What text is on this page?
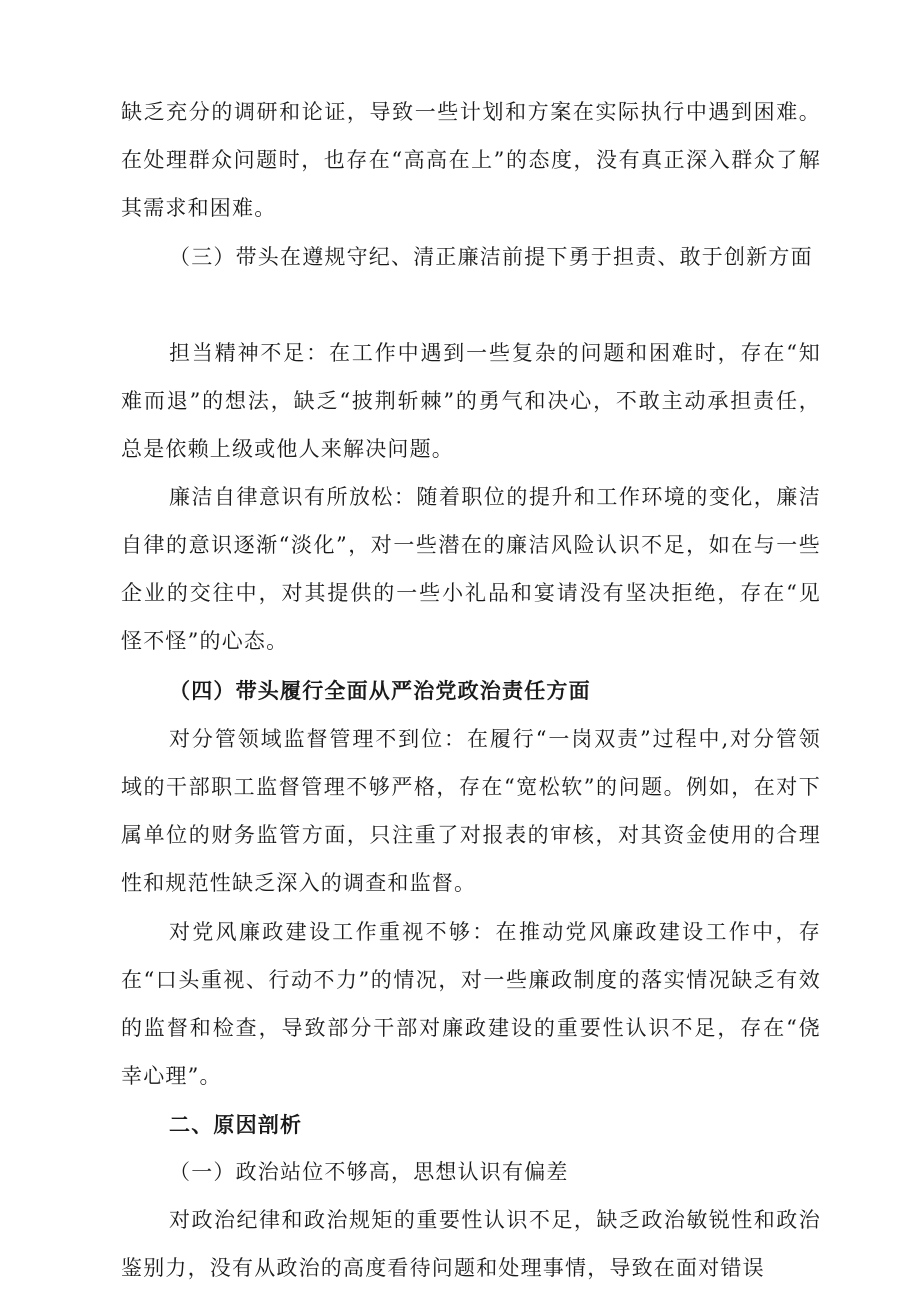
缺乏充分的调研和论证，导致一些计划和方案在实际执行中遇到困难。在处理群众问题时，也存在“高高在上”的态度，没有真正深入群众了解其需求和困难。

（三）带头在遵规守纪、清正廉洁前提下勇于担责、敢于创新方面

担当精神不足：在工作中遇到一些复杂的问题和困难时，存在“知难而退”的想法，缺乏“披荆斩棘”的勇气和决心，不敢主动承担责任，总是依赖上级或他人来解决问题。

廉洁自律意识有所放松：随着职位的提升和工作环境的变化，廉洁自律的意识逐渐“淡化”，对一些潜在的廉洁风险认识不足，如在与一些企业的交往中，对其提供的一些小礼品和宴请没有坚决拒绝，存在“见怪不怪”的心态。

（四）带头履行全面从严治党政治责任方面

对分管领域监督管理不到位：在履行“一岗双责”过程中,对分管领域的干部职工监督管理不够严格，存在“宽松软”的问题。例如，在对下属单位的财务监管方面，只注重了对报表的审核，对其资金使用的合理性和规范性缺乏深入的调查和监督。

对党风廉政建设工作重视不够：在推动党风廉政建设工作中，存在“口头重视、行动不力”的情况，对一些廉政制度的落实情况缺乏有效的监督和检查，导致部分干部对廉政建设的重要性认识不足，存在“侥幸心理”。

二、原因剖析

（一）政治站位不够高，思想认识有偏差

对政治纪律和政治规矩的重要性认识不足，缺乏政治敏锐性和政治鉴别力，没有从政治的高度看待问题和处理事情，导致在面对错误
